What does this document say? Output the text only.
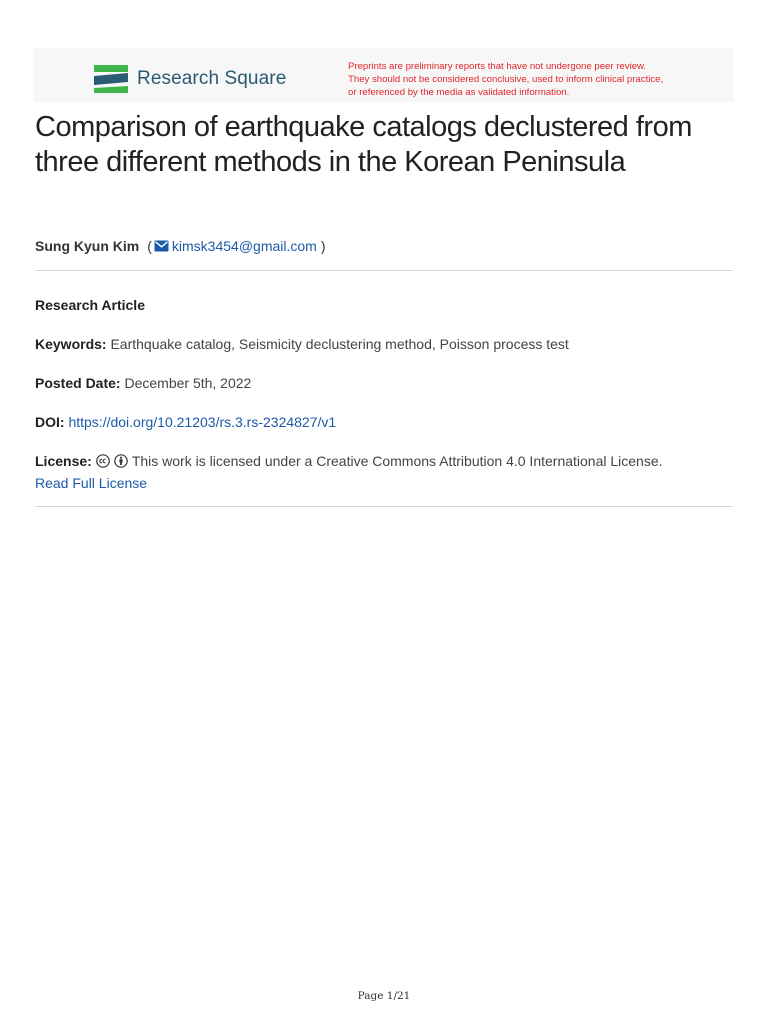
Research Square
Preprints are preliminary reports that have not undergone peer review.
They should not be considered conclusive, used to inform clinical practice,
or referenced by the media as validated information.
Comparison of earthquake catalogs declustered from three different methods in the Korean Peninsula
Sung Kyun Kim ( kimsk3454@gmail.com )
Research Article
Keywords: Earthquake catalog, Seismicity declustering method, Poisson process test
Posted Date: December 5th, 2022
DOI: https://doi.org/10.21203/rs.3.rs-2324827/v1
License:	This work is licensed under a Creative Commons Attribution 4.0 International License.
Read Full License
Page 1/21
